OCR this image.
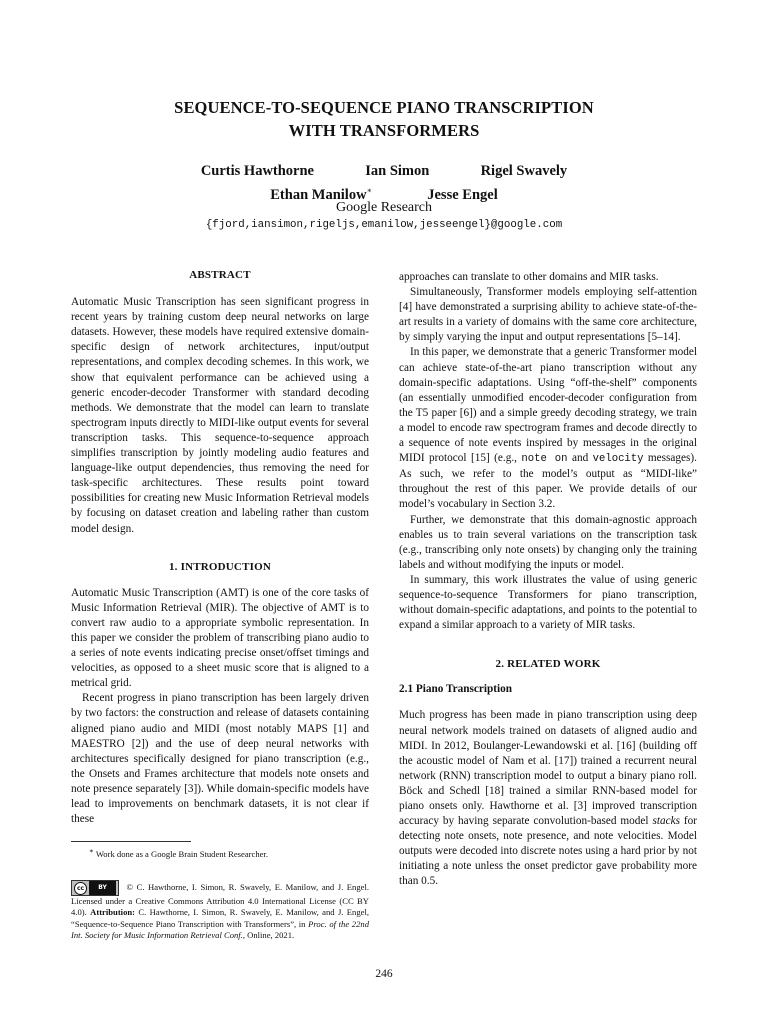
SEQUENCE-TO-SEQUENCE PIANO TRANSCRIPTION
WITH TRANSFORMERS
Curtis Hawthorne	Ian Simon	Rigel Swavely
Ethan Manilow∗	Jesse Engel
Google Research
{fjord,iansimon,rigeljs,emanilow,jesseengel}@google.com
ABSTRACT

Automatic Music Transcription has seen significant progress in recent years by training custom deep neural networks on large datasets. However, these models have required extensive domain-specific design of network architectures, input/output representations, and complex decoding schemes. In this work, we show that equivalent performance can be achieved using a generic encoder-decoder Transformer with standard decoding methods. We demonstrate that the model can learn to translate spectrogram inputs directly to MIDI-like output events for several transcription tasks. This sequence-to-sequence approach simplifies transcription by jointly modeling audio features and language-like output dependencies, thus removing the need for task-specific architectures. These results point toward possibilities for creating new Music Information Retrieval models by focusing on dataset creation and labeling rather than custom model design.

1. INTRODUCTION

Automatic Music Transcription (AMT) is one of the core tasks of Music Information Retrieval (MIR). The objective of AMT is to convert raw audio to a appropriate symbolic representation. In this paper we consider the problem of transcribing piano audio to a series of note events indicating precise onset/offset timings and velocities, as opposed to a sheet music score that is aligned to a metrical grid.

Recent progress in piano transcription has been largely driven by two factors: the construction and release of datasets containing aligned piano audio and MIDI (most notably MAPS [1] and MAESTRO [2]) and the use of deep neural networks with architectures specifically designed for piano transcription (e.g., the Onsets and Frames architecture that models note onsets and note presence separately [3]). While domain-specific models have lead to improvements on benchmark datasets, it is not clear if these

∗ Work done as a Google Brain Student Researcher.

cc	BY	© C. Hawthorne, I. Simon, R. Swavely, E. Manilow, and J. Engel. Licensed under a Creative Commons Attribution 4.0 International License (CC BY 4.0). Attribution: C. Hawthorne, I. Simon, R. Swavely, E. Manilow, and J. Engel, “Sequence-to-Sequence Piano Transcription with Transformers”, in Proc. of the 22nd Int. Society for Music Information Retrieval Conf., Online, 2021.

approaches can translate to other domains and MIR tasks.

Simultaneously, Transformer models employing self-attention [4] have demonstrated a surprising ability to achieve state-of-the-art results in a variety of domains with the same core architecture, by simply varying the input and output representations [5–14].

In this paper, we demonstrate that a generic Transformer model can achieve state-of-the-art piano transcription without any domain-specific adaptations. Using “off-the-shelf” components (an essentially unmodified encoder-decoder configuration from the T5 paper [6]) and a simple greedy decoding strategy, we train a model to encode raw spectrogram frames and decode directly to a sequence of note events inspired by messages in the original MIDI protocol [15] (e.g., note on and velocity messages). As such, we refer to the model’s output as “MIDI-like” throughout the rest of this paper. We provide details of our model’s vocabulary in Section 3.2.

Further, we demonstrate that this domain-agnostic approach enables us to train several variations on the transcription task (e.g., transcribing only note onsets) by changing only the training labels and without modifying the inputs or model.

In summary, this work illustrates the value of using generic sequence-to-sequence Transformers for piano transcription, without domain-specific adaptations, and points to the potential to expand a similar approach to a variety of MIR tasks.

2. RELATED WORK
2.1 Piano Transcription

Much progress has been made in piano transcription using deep neural network models trained on datasets of aligned audio and MIDI. In 2012, Boulanger-Lewandowski et al. [16] (building off the acoustic model of Nam et al. [17]) trained a recurrent neural network (RNN) transcription model to output a binary piano roll. Böck and Schedl [18] trained a similar RNN-based model for piano onsets only. Hawthorne et al. [3] improved transcription accuracy by having separate convolution-based model stacks for detecting note onsets, note presence, and note velocities. Model outputs were decoded into discrete notes using a hard prior by not initiating a note unless the onset predictor gave probability more than 0.5.

246
